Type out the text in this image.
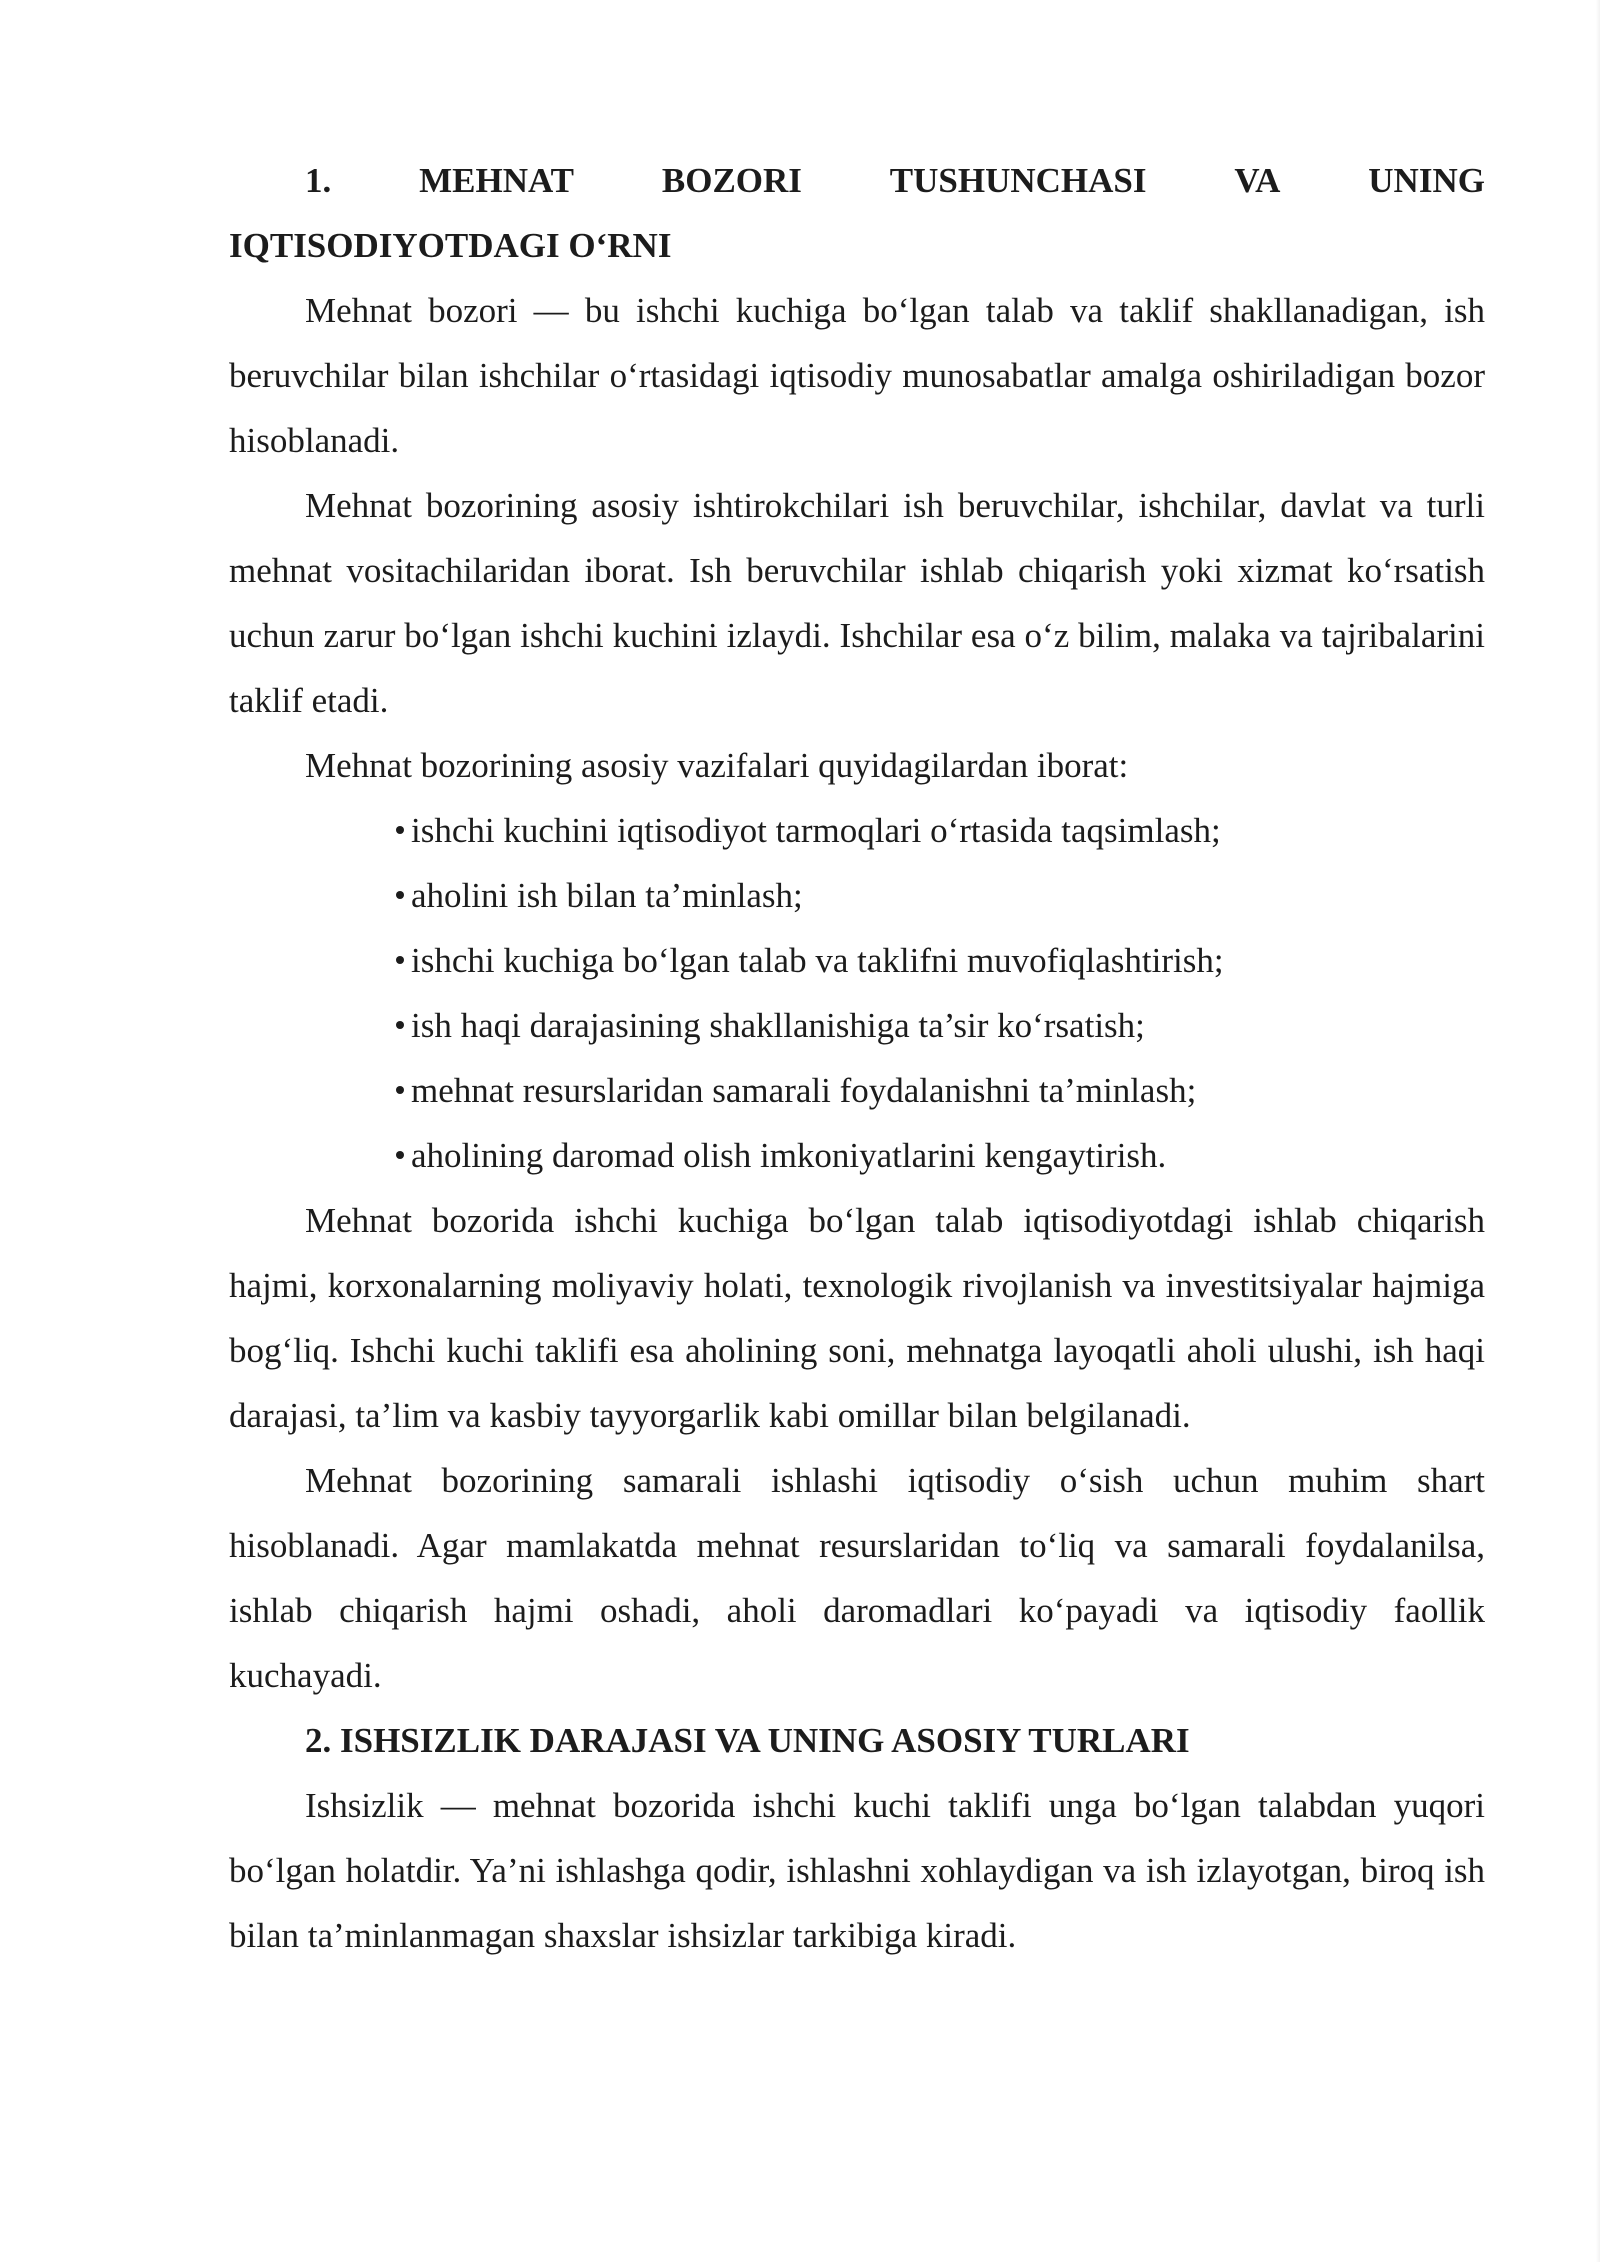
1.	MEHNAT	BOZORI	TUSHUNCHASI	VA	UNING
IQTISODIYOTDAGI O‘RNI

Mehnat bozori — bu ishchi kuchiga bo‘lgan talab va taklif shakllanadigan, ish beruvchilar bilan ishchilar o‘rtasidagi iqtisodiy munosabatlar amalga oshiriladigan bozor hisoblanadi.

Mehnat bozorining asosiy ishtirokchilari ish beruvchilar, ishchilar, davlat va turli mehnat vositachilaridan iborat. Ish beruvchilar ishlab chiqarish yoki xizmat ko‘rsatish uchun zarur bo‘lgan ishchi kuchini izlaydi. Ishchilar esa o‘z bilim, malaka va tajribalarini taklif etadi.

Mehnat bozorining asosiy vazifalari quyidagilardan iborat:

ishchi kuchini iqtisodiyot tarmoqlari o‘rtasida taqsimlash;
aholini ish bilan ta’minlash;
ishchi kuchiga bo‘lgan talab va taklifni muvofiqlashtirish;
ish haqi darajasining shakllanishiga ta’sir ko‘rsatish;
mehnat resurslaridan samarali foydalanishni ta’minlash;
aholining daromad olish imkoniyatlarini kengaytirish.

Mehnat bozorida ishchi kuchiga bo‘lgan talab iqtisodiyotdagi ishlab chiqarish hajmi, korxonalarning moliyaviy holati, texnologik rivojlanish va investitsiyalar hajmiga bog‘liq. Ishchi kuchi taklifi esa aholining soni, mehnatga layoqatli aholi ulushi, ish haqi darajasi, ta’lim va kasbiy tayyorgarlik kabi omillar bilan belgilanadi.

Mehnat bozorining samarali ishlashi iqtisodiy o‘sish uchun muhim shart hisoblanadi. Agar mamlakatda mehnat resurslaridan to‘liq va samarali foydalanilsa, ishlab chiqarish hajmi oshadi, aholi daromadlari ko‘payadi va iqtisodiy faollik kuchayadi.

2. ISHSIZLIK DARAJASI VA UNING ASOSIY TURLARI

Ishsizlik — mehnat bozorida ishchi kuchi taklifi unga bo‘lgan talabdan yuqori bo‘lgan holatdir. Ya’ni ishlashga qodir, ishlashni xohlaydigan va ish izlayotgan, biroq ish bilan ta’minlanmagan shaxslar ishsizlar tarkibiga kiradi.
